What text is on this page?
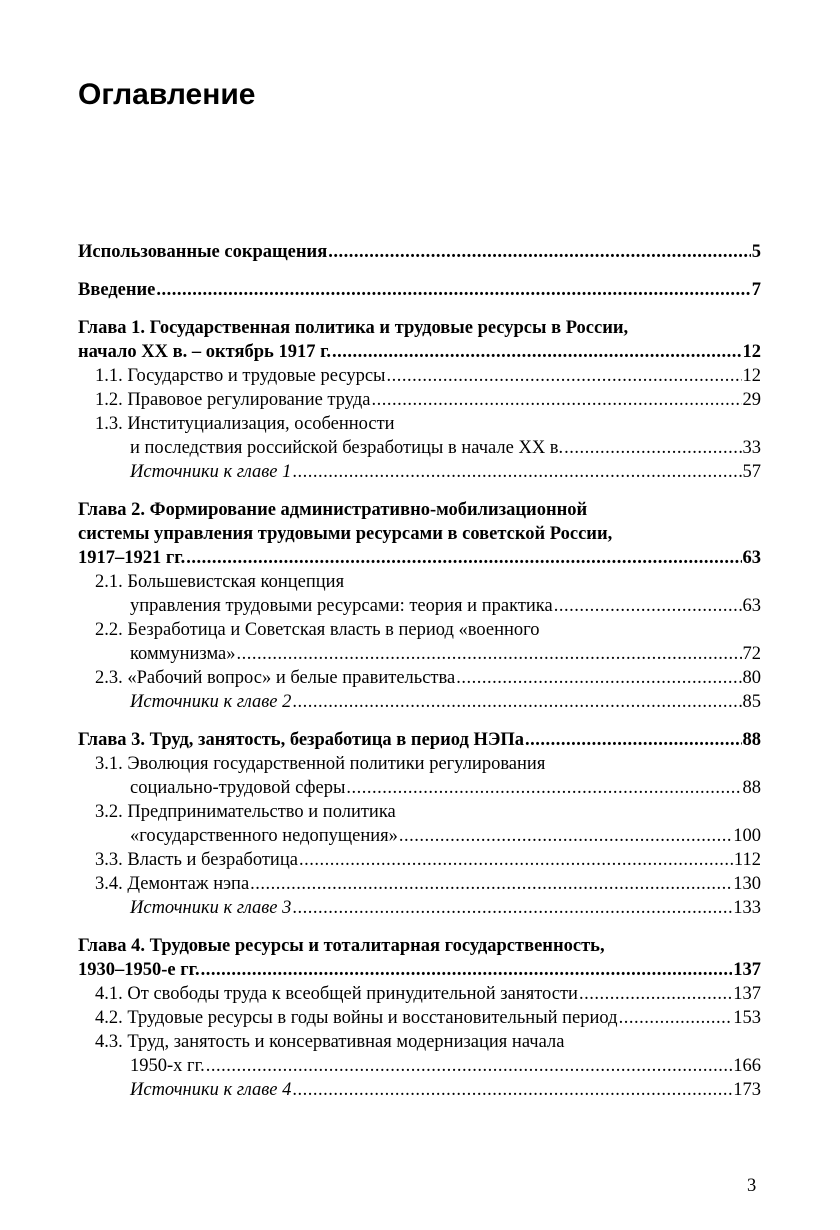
Оглавление
Использованные сокращения .....	5
Введение .....	7
Глава 1. Государственная политика и трудовые ресурсы в России,
начало XX в. – октябрь 1917 г. .....	12
1.1. Государство и трудовые ресурсы .....	12
1.2. Правовое регулирование труда .....	29
1.3. Институциализация, особенности
и последствия российской безработицы в начале XX в. .....	33
Источники к главе 1 .....	57
Глава 2. Формирование административно-мобилизационной
системы управления трудовыми ресурсами в советской России,
1917–1921 гг. .....	63
2.1. Большевистская концепция
управления трудовыми ресурсами: теория и практика .....	63
2.2. Безработица и Советская власть в период «военного
коммунизма» .....	72
2.3. «Рабочий вопрос» и белые правительства .....	80
Источники к главе 2 .....	85
Глава 3. Труд, занятость, безработица в период НЭПа .....	88
3.1. Эволюция государственной политики регулирования
социально-трудовой сферы .....	88
3.2. Предпринимательство и политика
«государственного недопущения» .....	100
3.3. Власть и безработица .....	112
3.4. Демонтаж нэпа .....	130
Источники к главе 3 .....	133
Глава 4. Трудовые ресурсы и тоталитарная государственность,
1930–1950-е гг. .....	137
4.1. От свободы труда к всеобщей принудительной занятости .....	137
4.2. Трудовые ресурсы в годы войны и восстановительный период .....	153
4.3. Труд, занятость и консервативная модернизация начала
1950-х гг. .....	166
Источники к главе 4 .....	173
3
